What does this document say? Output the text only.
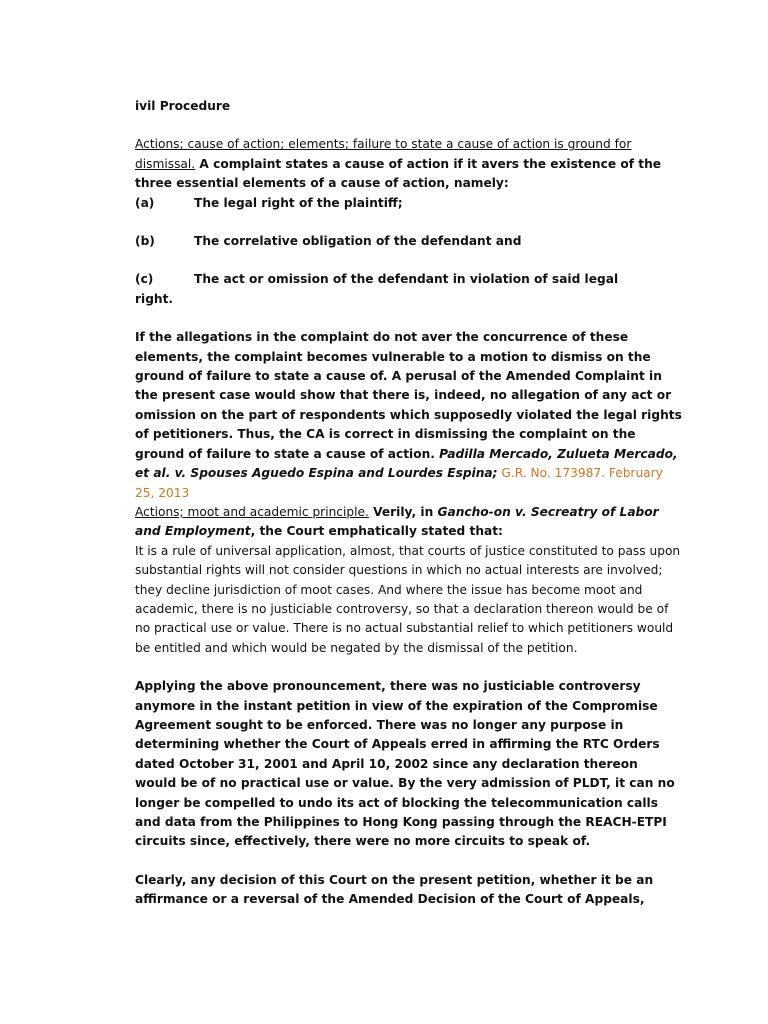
ivil Procedure

Actions; cause of action; elements; failure to state a cause of action is ground for
dismissal. A complaint states a cause of action if it avers the existence of the three essential elements of a cause of action, namely:

(a)	The legal right of the plaintiff;
(b)	The correlative obligation of the defendant and
(c)	The act or omission of the defendant in violation of said legal

right.

If the allegations in the complaint do not aver the concurrence of these elements, the complaint becomes vulnerable to a motion to dismiss on the ground of failure to state a cause of. A perusal of the Amended Complaint in the present case would show that there is, indeed, no allegation of any act or omission on the part of respondents which supposedly violated the legal rights of petitioners. Thus, the CA is correct in dismissing the complaint on the ground of failure to state a cause of action. Padilla Mercado, Zulueta Mercado, et al. v. Spouses Aguedo Espina and Lourdes Espina; G.R. No. 173987. February 25, 2013

Actions; moot and academic principle. Verily, in Gancho-on v. Secreatry of Labor and Employment, the Court emphatically stated that:

It is a rule of universal application, almost, that courts of justice constituted to pass upon substantial rights will not consider questions in which no actual interests are involved; they decline jurisdiction of moot cases. And where the issue has become moot and academic, there is no justiciable controversy, so that a declaration thereon would be of no practical use or value. There is no actual substantial relief to which petitioners would be entitled and which would be negated by the dismissal of the petition.

Applying the above pronouncement, there was no justiciable controversy anymore in the instant petition in view of the expiration of the Compromise Agreement sought to be enforced. There was no longer any purpose in determining whether the Court of Appeals erred in affirming the RTC Orders dated October 31, 2001 and April 10, 2002 since any declaration thereon would be of no practical use or value. By the very admission of PLDT, it can no longer be compelled to undo its act of blocking the telecommunication calls and data from the Philippines to Hong Kong passing through the REACH-ETPI circuits since, effectively, there were no more circuits to speak of.

Clearly, any decision of this Court on the present petition, whether it be an affirmance or a reversal of the Amended Decision of the Court of Appeals,
